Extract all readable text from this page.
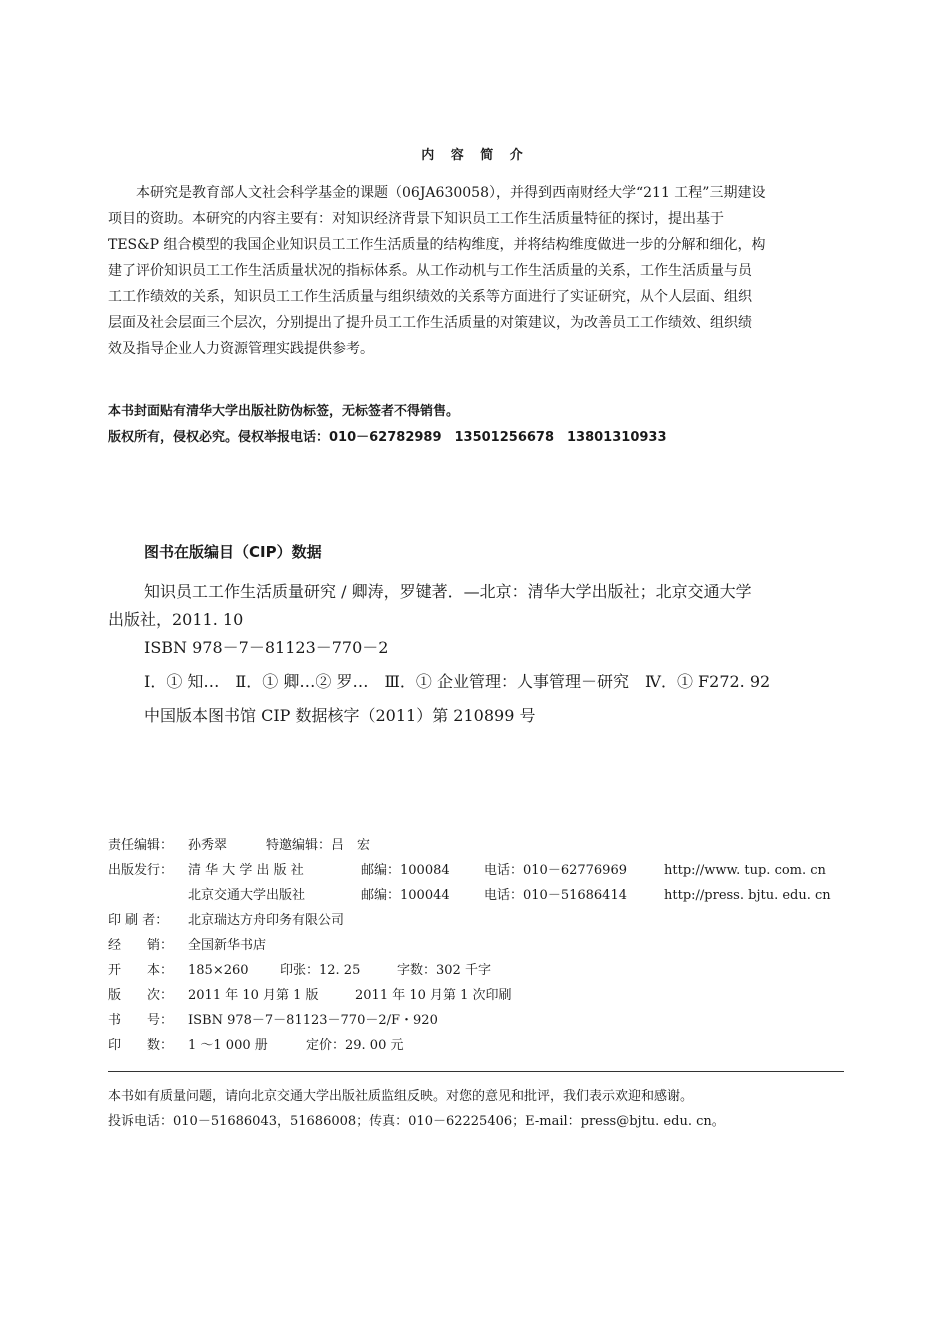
内 容 简 介
本研究是教育部人文社会科学基金的课题（06JA630058），并得到西南财经大学“211 工程”三期建设
项目的资助。本研究的内容主要有：对知识经济背景下知识员工工作生活质量特征的探讨，提出基于
TES&P 组合模型的我国企业知识员工工作生活质量的结构维度，并将结构维度做进一步的分解和细化，构
建了评价知识员工工作生活质量状况的指标体系。从工作动机与工作生活质量的关系，工作生活质量与员
工工作绩效的关系，知识员工工作生活质量与组织绩效的关系等方面进行了实证研究，从个人层面、组织
层面及社会层面三个层次，分别提出了提升员工工作生活质量的对策建议，为改善员工工作绩效、组织绩
效及指导企业人力资源管理实践提供参考。
本书封面贴有清华大学出版社防伪标签，无标签者不得销售。
版权所有，侵权必究。侵权举报电话：010－62782989　13501256678　13801310933
图书在版编目（CIP）数据
知识员工工作生活质量研究 / 卿涛，罗键著．—北京：清华大学出版社；北京交通大学
出版社，2011. 10
ISBN 978－7－81123－770－2
Ⅰ．① 知…　Ⅱ．① 卿…② 罗…　Ⅲ．① 企业管理：人事管理－研究　Ⅳ．① F272. 92
中国版本图书馆 CIP 数据核字（2011）第 210899 号
责任编辑：	孙秀翠	特邀编辑：吕　宏
出版发行：	清 华 大 学 出 版 社	邮编：100084	电话：010－62776969	http://www. tup. com. cn
北京交通大学出版社	邮编：100044	电话：010－51686414	http://press. bjtu. edu. cn
印 刷 者：	北京瑞达方舟印务有限公司
经　　销：	全国新华书店
开　　本：	185×260 印张：12. 25	字数：302 千字
版　　次：	2011 年 10 月第 1 版	2011 年 10 月第 1 次印刷
书　　号：	ISBN 978－7－81123－770－2/F・920
印　　数：	1 ～1 000 册	定价：29. 00 元
本书如有质量问题，请向北京交通大学出版社质监组反映。对您的意见和批评，我们表示欢迎和感谢。
投诉电话：010－51686043，51686008；传真：010－62225406；E-mail：press@bjtu. edu. cn。
